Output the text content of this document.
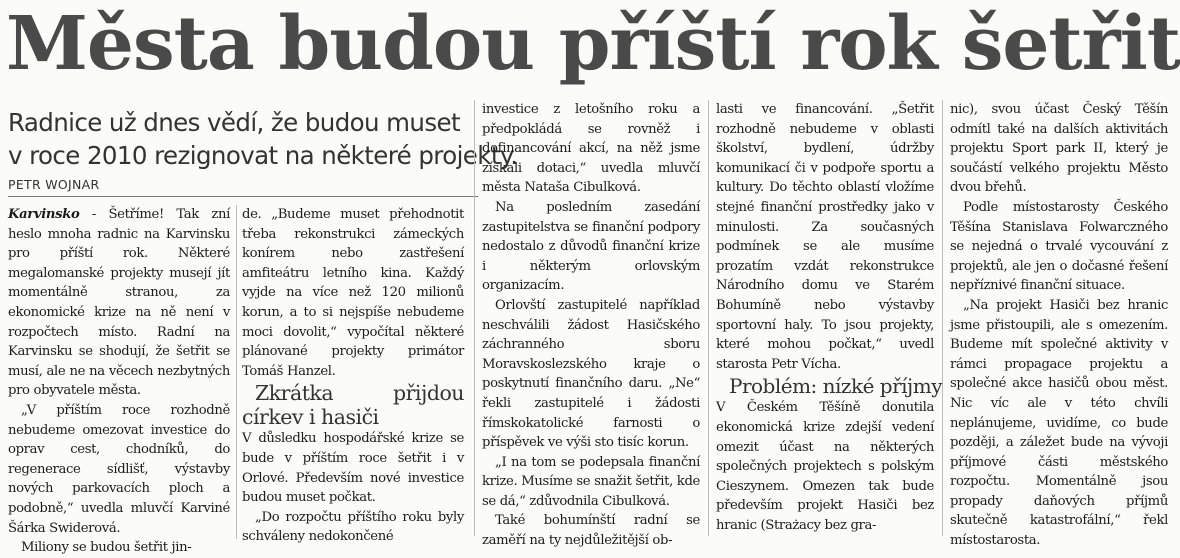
Města budou příští rok šetřit
Radnice už dnes vědí, že budou muset
v roce 2010 rezignovat na některé projekty.
PETR WOJNAR

Karvinsko - Šetříme! Tak zní heslo mnoha radnic na Karvinsku pro příští rok. Některé megalomanské projekty musejí jít momentálně stranou, za ekonomické krize na ně není v rozpočtech místo. Radní na Karvinsku se shodují, že šetřit se musí, ale ne na věcech nezbytných pro obyvatele města.

„V příštím roce rozhodně nebudeme omezovat investice do oprav cest, chodníků, do regenerace sídlišť, výstavby nových parkovacích ploch a podobně,“ uvedla mluvčí Karviné Šárka Swiderová.

Miliony se budou šetřit jin-

de. „Budeme muset přehodnotit třeba rekonstrukci zámeckých konírem nebo zastřešení amfiteátru letního kina. Každý vyjde na více než 120 milionů korun, a to si nejspíše nebudeme moci dovolit,“ vypočítal některé plánované projekty primátor Tomáš Hanzel.

Zkrátka přijdou církev i hasiči

V důsledku hospodářské krize se bude v příštím roce šetřit i v Orlové. Především nové investice budou muset počkat.

„Do rozpočtu příštího roku byly schváleny nedokončené

investice z letošního roku a předpokládá se rovněž i dofinancování akcí, na něž jsme získali dotaci,“ uvedla mluvčí města Nataša Cibulková.

Na posledním zasedání zastupitelstva se finanční podpory nedostalo z důvodů finanční krize i některým orlovským organizacím.

Orlovští zastupitelé například neschválili žádost Hasičského záchranného sboru Moravskoslezského kraje o poskytnutí finančního daru. „Ne“ řekli zastupitelé i žádosti římskokatolické farnosti o příspěvek ve výši sto tisíc korun.

„I na tom se podepsala finanční krize. Musíme se snažit šetřit, kde se dá,“ zdůvodnila Cibulková.

Také bohumínští radní se zaměří na ty nejdůležitější ob-

lasti ve financování. „Šetřit rozhodně nebudeme v oblasti školství, bydlení, údržby komunikací či v podpoře sportu a kultury. Do těchto oblastí vložíme stejné finanční prostředky jako v minulosti. Za současných podmínek se ale musíme prozatím vzdát rekonstrukce Národního domu ve Starém Bohumíně nebo výstavby sportovní haly. To jsou projekty, které mohou počkat,“ uvedl starosta Petr Vícha.

Problém: nízké příjmy

V Českém Těšíně donutila ekonomická krize zdejší vedení omezit účast na některých společných projektech s polským Cieszynem. Omezen tak bude především projekt Hasiči bez hranic (Strażacy bez gra-

nic), svou účast Český Těšín odmítl také na dalších aktivitách projektu Sport park II, který je součástí velkého projektu Město dvou břehů.

Podle místostarosty Českého Těšína Stanislava Folwarczného se nejedná o trvalé vycouvání z projektů, ale jen o dočasné řešení nepříznivé finanční situace.

„Na projekt Hasiči bez hranic jsme přistoupili, ale s omezením. Budeme mít společné aktivity v rámci propagace projektu a společné akce hasičů obou měst. Nic víc ale v této chvíli neplánujeme, uvidíme, co bude později, a záležet bude na vývoji příjmové části městského rozpočtu. Momentálně jsou propady daňových příjmů skutečně katastrofální,“ řekl místostarosta.
